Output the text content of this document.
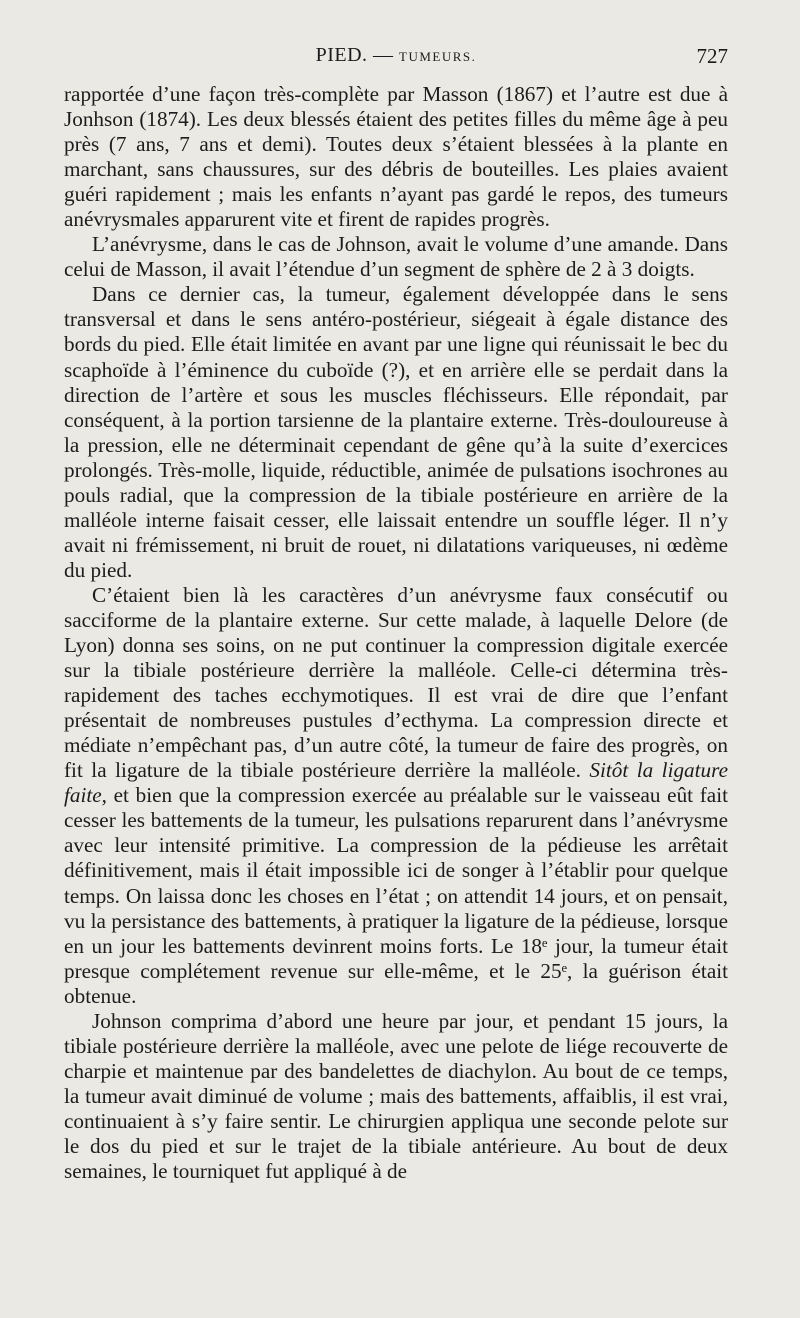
PIED. — TUMEURS.	727

rapportée d’une façon très-complète par Masson (1867) et l’autre est due à Jonhson (1874). Les deux blessés étaient des petites filles du même âge à peu près (7 ans, 7 ans et demi). Toutes deux s’étaient blessées à la plante en marchant, sans chaussures, sur des débris de bouteilles. Les plaies avaient guéri rapidement ; mais les enfants n’ayant pas gardé le repos, des tumeurs anévrysmales apparurent vite et firent de rapides progrès.

L’anévrysme, dans le cas de Johnson, avait le volume d’une amande. Dans celui de Masson, il avait l’étendue d’un segment de sphère de 2 à 3 doigts.

Dans ce dernier cas, la tumeur, également développée dans le sens transversal et dans le sens antéro-postérieur, siégeait à égale distance des bords du pied. Elle était limitée en avant par une ligne qui réunissait le bec du scaphoïde à l’éminence du cuboïde (?), et en arrière elle se perdait dans la direction de l’artère et sous les muscles fléchisseurs. Elle répondait, par conséquent, à la portion tarsienne de la plantaire externe. Très-douloureuse à la pression, elle ne déterminait cependant de gêne qu’à la suite d’exercices prolongés. Très-molle, liquide, réductible, animée de pulsations isochrones au pouls radial, que la compression de la tibiale postérieure en arrière de la malléole interne faisait cesser, elle laissait entendre un souffle léger. Il n’y avait ni frémissement, ni bruit de rouet, ni dilatations variqueuses, ni œdème du pied.

C’étaient bien là les caractères d’un anévrysme faux consécutif ou sacciforme de la plantaire externe. Sur cette malade, à laquelle Delore (de Lyon) donna ses soins, on ne put continuer la compression digitale exercée sur la tibiale postérieure derrière la malléole. Celle-ci détermina très-rapidement des taches ecchymotiques. Il est vrai de dire que l’enfant présentait de nombreuses pustules d’ecthyma. La compression directe et médiate n’empêchant pas, d’un autre côté, la tumeur de faire des progrès, on fit la ligature de la tibiale postérieure derrière la malléole. Sitôt la ligature faite, et bien que la compression exercée au préalable sur le vaisseau eût fait cesser les battements de la tumeur, les pulsations reparurent dans l’anévrysme avec leur intensité primitive. La compression de la pédieuse les arrêtait définitivement, mais il était impossible ici de songer à l’établir pour quelque temps. On laissa donc les choses en l’état ; on attendit 14 jours, et on pensait, vu la persistance des battements, à pratiquer la ligature de la pédieuse, lorsque en un jour les battements devinrent moins forts. Le 18ᵉ jour, la tumeur était presque complétement revenue sur elle-même, et le 25ᵉ, la guérison était obtenue.

Johnson comprima d’abord une heure par jour, et pendant 15 jours, la tibiale postérieure derrière la malléole, avec une pelote de liége recouverte de charpie et maintenue par des bandelettes de diachylon. Au bout de ce temps, la tumeur avait diminué de volume ; mais des battements, affaiblis, il est vrai, continuaient à s’y faire sentir. Le chirurgien appliqua une seconde pelote sur le dos du pied et sur le trajet de la tibiale antérieure. Au bout de deux semaines, le tourniquet fut appliqué à de
